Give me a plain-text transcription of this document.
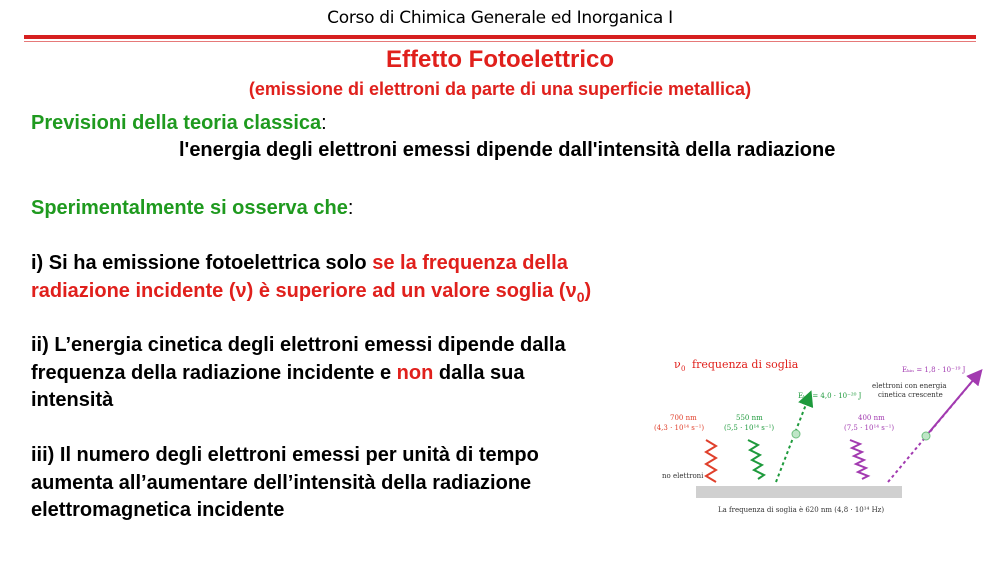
Corso di Chimica Generale ed Inorganica I
Effetto Fotoelettrico
(emissione di elettroni da parte di una superficie metallica)
Previsioni della teoria classica:
l'energia degli elettroni emessi dipende dall'intensità della radiazione
Sperimentalmente si osserva che:
i) Si ha emissione fotoelettrica solo se la frequenza della
radiazione incidente (ν) è superiore ad un valore soglia $(\nu_0)$
ii) L’energia cinetica degli elettroni emessi dipende dalla
frequenza della radiazione incidente e non dalla sua
intensità
iii) Il numero degli elettroni emessi per unità di tempo
aumenta all’aumentare dell’intensità della radiazione
elettromagnetica incidente
ν 0 frequenza di soglia
no elettroni
700 nm
(4,3 · 10¹⁴ s⁻¹)
550 nm
(5,5 · 10¹⁴ s⁻¹)
Eₖᵢₙ = 4,0 · 10⁻²⁰ J
400 nm
(7,5 · 10¹⁴ s⁻¹)
Eₖᵢₙ = 1,8 · 10⁻¹⁹ J
elettroni con energia
cinetica crescente
La frequenza di soglia è 620 nm (4,8 · 10¹⁴ Hz)
